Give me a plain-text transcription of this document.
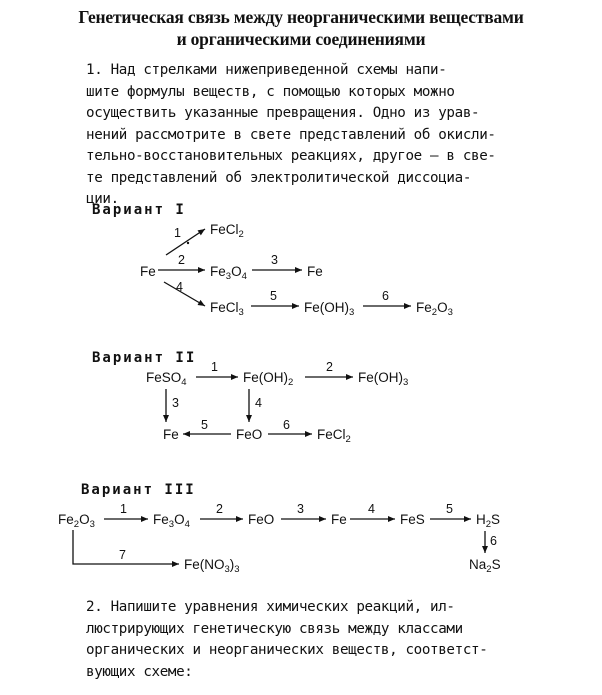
Генетическая связь между неорганическими веществами
и органическими соединениями
1. Над стрелками нижеприведенной схемы напи-
шите формулы веществ, с помощью которых можно
осуществить указанные превращения. Одно из урав-
нений рассмотрите в свете представлений об окисли-
тельно-восстановительных реакциях, другое — в све-
те представлений об электролитической диссоциа-
ции.
Вариант I
Fe
FeCl$_2$
$Fe_3O_4$	Fe
FeCl$_3$	$Fe(OH)_3$	$Fe_2O_3$
1
2	3
4
5	6
Вариант II
FeSO$_4$	$Fe(OH)_2$	$Fe(OH)_3$
Fe	FeO	FeCl$_2$
1	2
3	4
5	6
Вариант III
$Fe_2O_3$	$Fe_3O_4$	FeO	Fe	FeS	$H_2S$
$Na_2S$
$Fe(NO_3)_3$
1	2	3	4	5
6
7
2. Напишите уравнения химических реакций, ил-
люстрирующих генетическую связь между классами
органических и неорганических веществ, соответст-
вующих схеме:
